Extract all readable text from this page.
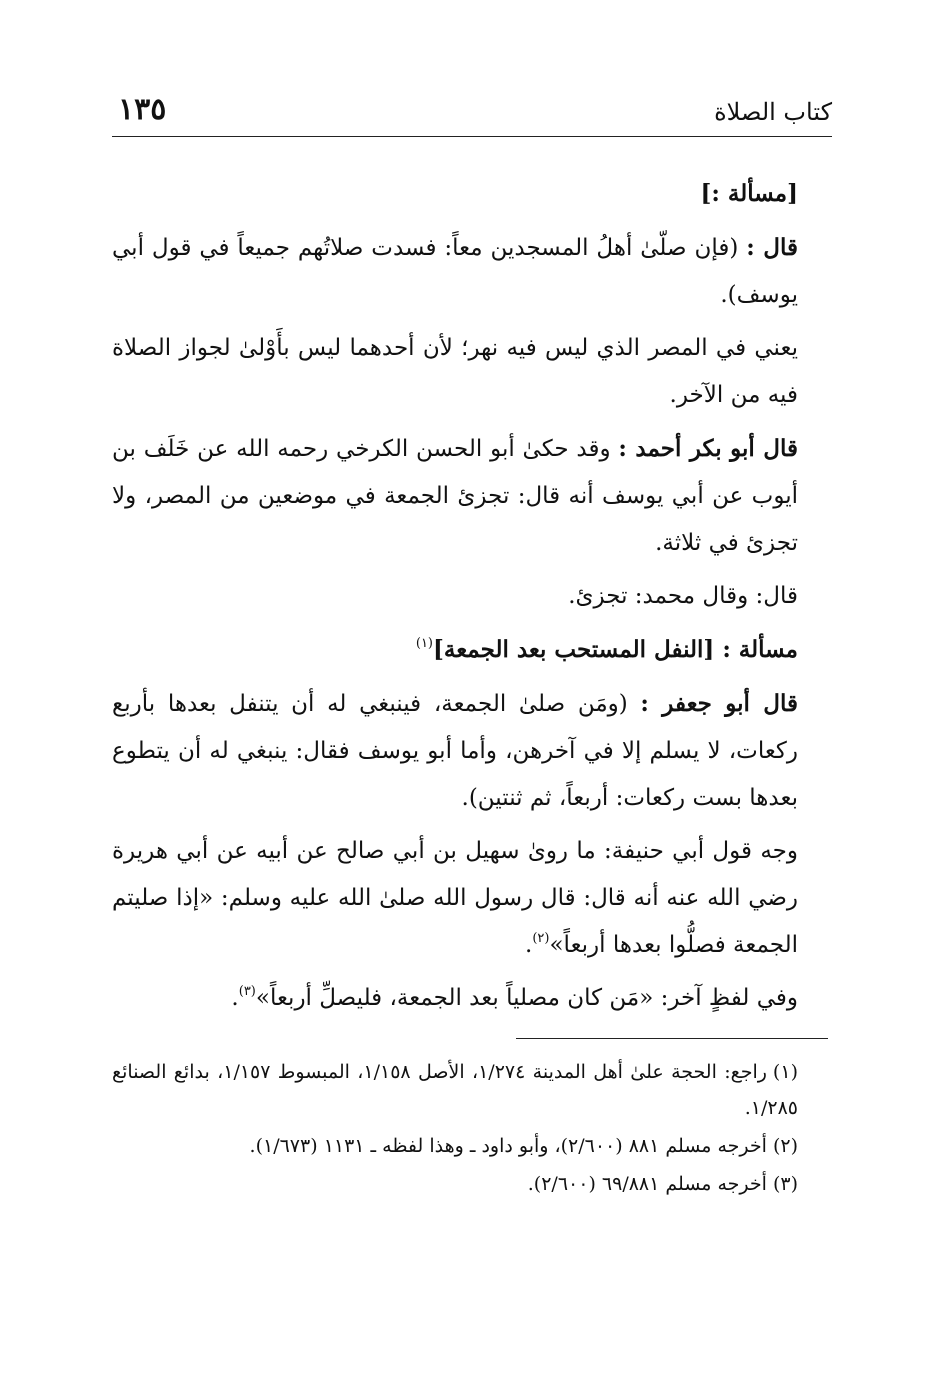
كتاب الصلاة
١٣٥

[مسألة :]

قال : (فإن صلّىٰ أهلُ المسجدين معاً: فسدت صلاتُهم جميعاً في قول أبي يوسف).

يعني في المصر الذي ليس فيه نهر؛ لأن أحدهما ليس بأَوْلىٰ لجواز الصلاة فيه من الآخر.

قال أبو بكر أحمد : وقد حكىٰ أبو الحسن الكرخي رحمه الله عن خَلَف بن أيوب عن أبي يوسف أنه قال: تجزئ الجمعة في موضعين من المصر، ولا تجزئ في ثلاثة.

قال: وقال محمد: تجزئ.

مسألة : [النفل المستحب بعد الجمعة]$^{(١)}$

قال أبو جعفر : (ومَن صلىٰ الجمعة، فينبغي له أن يتنفل بعدها بأربع ركعات، لا يسلم إلا في آخرهن، وأما أبو يوسف فقال: ينبغي له أن يتطوع بعدها بست ركعات: أربعاً، ثم ثنتين).

وجه قول أبي حنيفة: ما روىٰ سهيل بن أبي صالح عن أبيه عن أبي هريرة رضي الله عنه أنه قال: قال رسول الله صلىٰ الله عليه وسلم: «إذا صليتم الجمعة فصلُّوا بعدها أربعاً»$^{(٢)}$.

وفي لفظٍ آخر: «مَن كان مصلياً بعد الجمعة، فليصلِّ أربعاً»$^{(٣)}$.

(١)راجع: الحجة علىٰ أهل المدينة ١/٢٧٤، الأصل ١/١٥٨، المبسوط ١/١٥٧، بدائع الصنائع ١/٢٨٥.
(٢)أخرجه مسلم ٨٨١ (٢/٦٠٠)، وأبو داود ـ وهذا لفظه ـ ١١٣١ (١/٦٧٣).
(٣)أخرجه مسلم ٦٩/٨٨١ (٢/٦٠٠).
